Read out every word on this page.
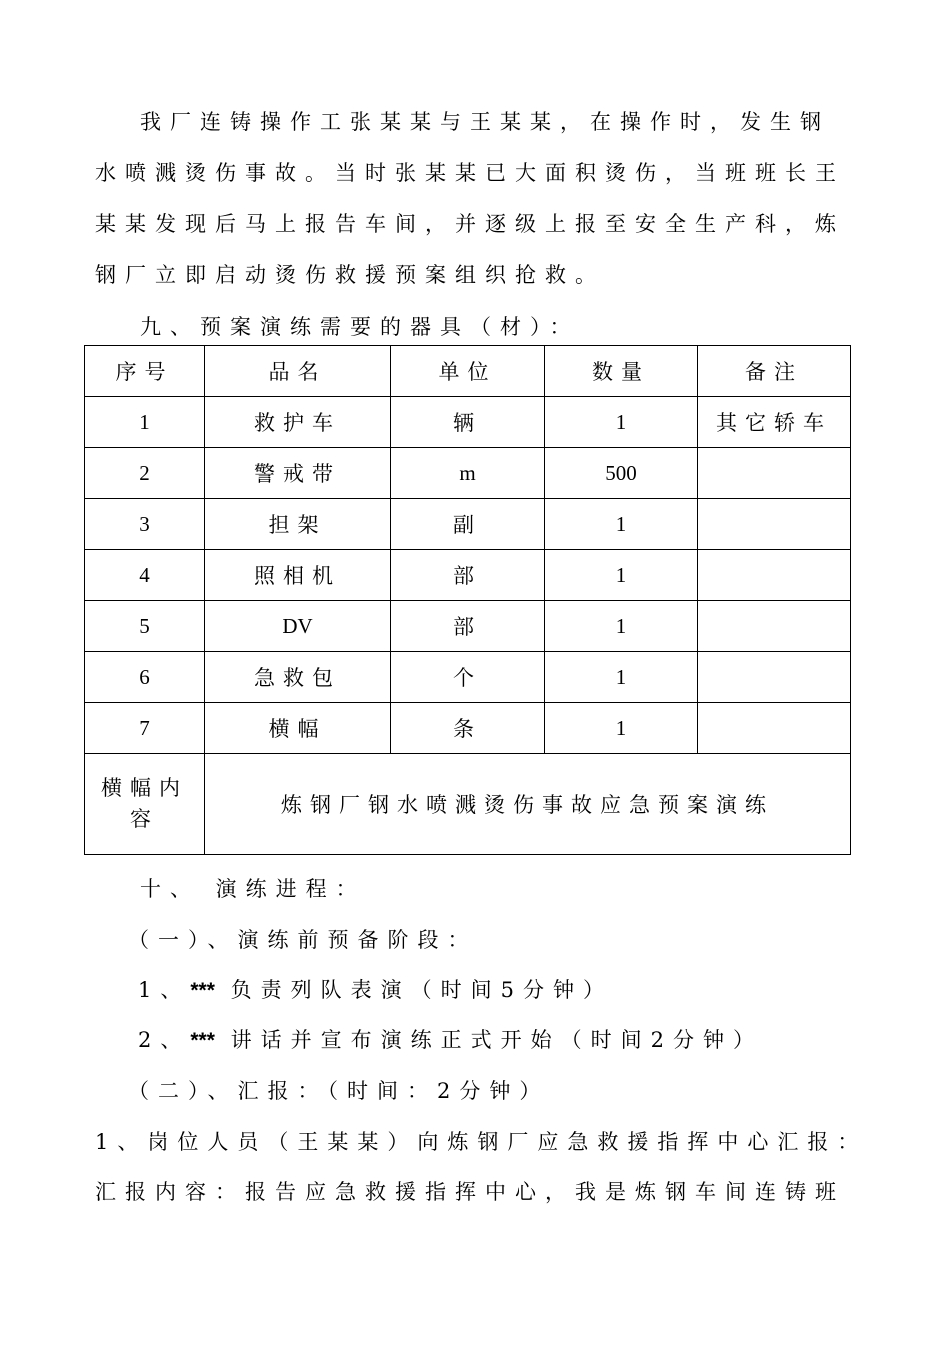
我厂连铸操作工张某某与王某某，在操作时，发生钢
水喷溅烫伤事故。当时张某某已大面积烫伤，当班班长王
某某发现后马上报告车间，并逐级上报至安全生产科，炼
钢厂立即启动烫伤救援预案组织抢救。
九、预案演练需要的器具（材）：
序号	品名	单位	数量	备注
1	救护车	辆	1	其它轿车
2	警戒带	m	500	
3	担架	副	1	
4	照相机	部	1	
5	DV	部	1	
6	急救包	个	1	
7	横幅	条	1	

横幅内
容	炼钢厂钢水喷溅烫伤事故应急预案演练			
十、 演练进程：
（一）、演练前预备阶段：
1、*** 负责列队表演（时间5分钟）
2、*** 讲话并宣布演练正式开始（时间2分钟）
（二）、汇报：（时间：2分钟）
1、岗位人员（王某某）向炼钢厂应急救援指挥中心汇报：
汇报内容：报告应急救援指挥中心，我是炼钢车间连铸班
